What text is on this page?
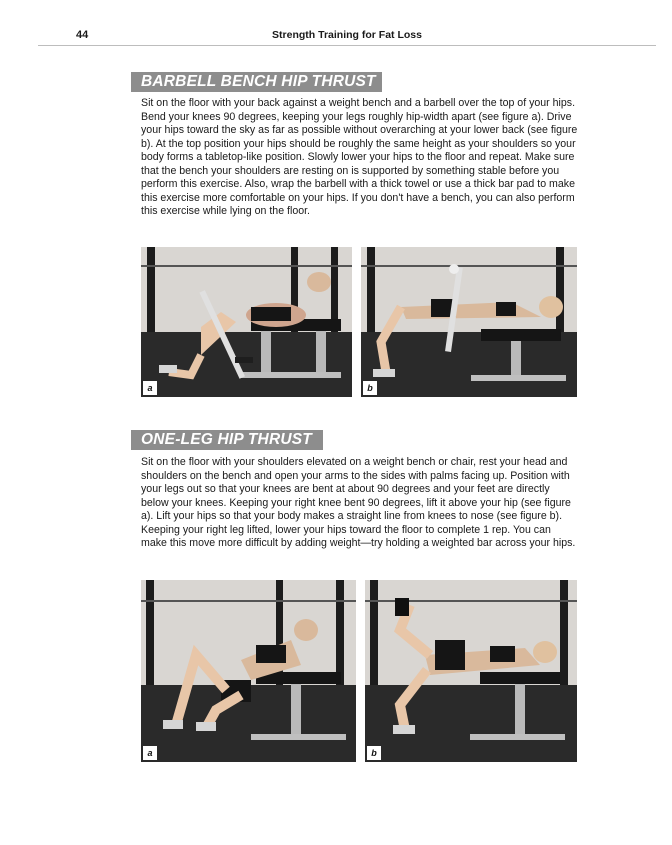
44	Strength Training for Fat Loss
BARBELL BENCH HIP THRUST

Sit on the floor with your back against a weight bench and a barbell over the top of your hips. Bend your knees 90 degrees, keeping your legs roughly hip-width apart (see figure a). Drive your hips toward the sky as far as possible without overarching at your lower back (see figure b). At the top position your hips should be roughly the same height as your shoulders so your body forms a tabletop-like position. Slowly lower your hips to the floor and repeat. Make sure that the bench your shoulders are resting on is supported by something stable before you perform this exercise. Also, wrap the barbell with a thick towel or use a thick bar pad to make this exercise more comfortable on your hips. If you don't have a bench, you can also perform this exercise while lying on the floor.

a	b
ONE-LEG HIP THRUST

Sit on the floor with your shoulders elevated on a weight bench or chair, rest your head and shoulders on the bench and open your arms to the sides with palms facing up. Position with your legs out so that your knees are bent at about 90 degrees and your feet are directly below your knees. Keeping your right knee bent 90 degrees, lift it above your hip (see figure a). Lift your hips so that your body makes a straight line from knees to nose (see figure b). Keeping your right leg lifted, lower your hips toward the floor to complete 1 rep. You can make this move more difficult by adding weight—try holding a weighted bar across your hips.

a	b
